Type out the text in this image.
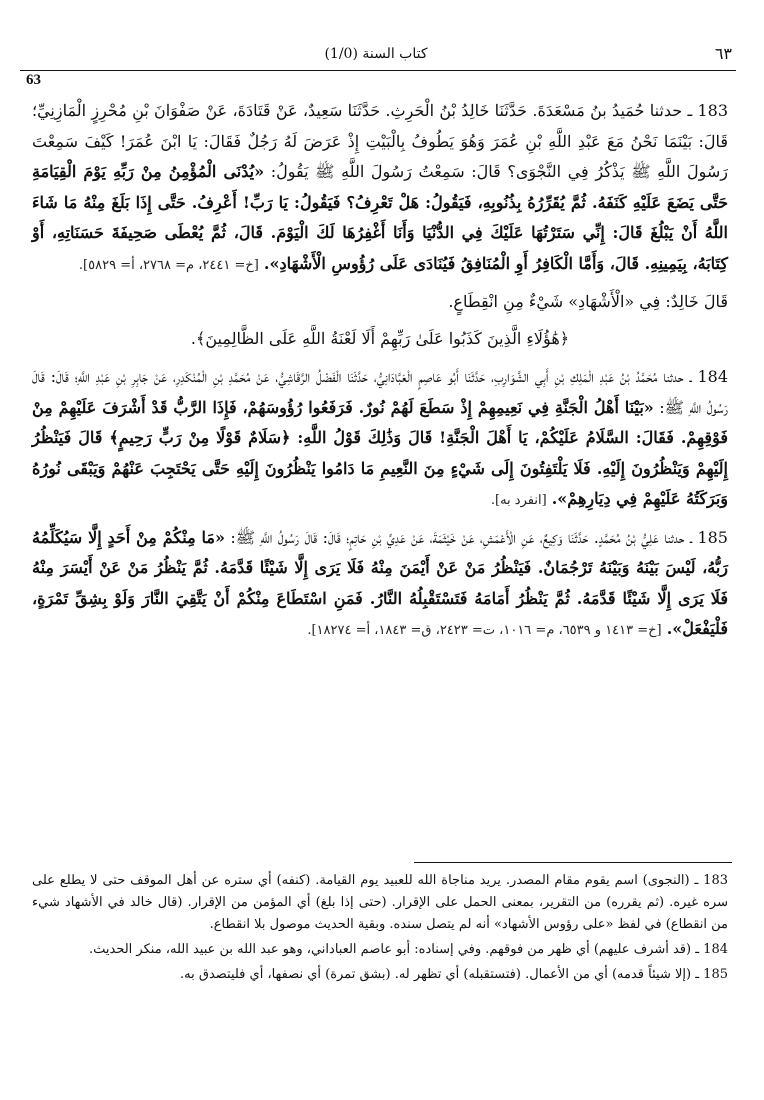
٦٣
(1/0) كتاب السنة
63

183 ـ حدثنا حُمَيدُ بنُ مَسْعَدَةَ. حَدَّثَنَا خَالِدُ بْنُ الْحَرِثِ. حَدَّثَنَا سَعِيدٌ، عَنْ قَتَادَةَ، عَنْ صَفْوَانَ بْنِ مُحْرِزٍ الْمَازِنِيِّ؛ قَالَ: بَيْنَمَا نَحْنُ مَعَ عَبْدِ اللَّهِ بْنِ عُمَرَ وَهُوَ يَطُوفُ بِالْبَيْتِ إِذْ عَرَضَ لَهُ رَجُلٌ فَقَالَ: يَا ابْنَ عُمَرَ! كَيْفَ سَمِعْتَ رَسُولَ اللَّهِ ﷺ يَذْكُرُ فِي النَّجْوَى؟ قَالَ: سَمِعْتُ رَسُولَ اللَّهِ ﷺ يَقُولُ: «يُدْنَى الْمُؤْمِنُ مِنْ رَبِّهِ يَوْمَ الْقِيَامَةِ حَتَّى يَضَعَ عَلَيْهِ كَنَفَهُ. ثُمَّ يُقَرِّرُهُ بِذُنُوبِهِ، فَيَقُولُ: هَلْ تَعْرِفُ؟ فَيَقُولُ: يَا رَبِّ! أَعْرِفُ. حَتَّى إِذَا بَلَغَ مِنْهُ مَا شَاءَ اللَّهُ أَنْ يَبْلُغَ قَالَ: إِنِّي سَتَرْتُهَا عَلَيْكَ فِي الدُّنْيَا وَأَنَا أَغْفِرُهَا لَكَ الْيَوْمَ. قَالَ، ثُمَّ يُعْطَى صَحِيفَةَ حَسَنَاتِهِ، أَوْ كِتَابَهُ، بِيَمِينِهِ. قَالَ، وَأَمَّا الْكَافِرُ أَوِ الْمُنَافِقُ فَيُنَادَى عَلَى رُؤُوسِ الْأَشْهَادِ». [خ= ٢٤٤١، م= ٢٧٦٨، أ= ٥٨٢٩].

قَالَ خَالِدٌ: فِي «الْأَشْهَادِ» شَيْءٌ مِنِ انْقِطَاعٍ.

﴿هَٰؤُلَاءِ الَّذِينَ كَذَبُوا عَلَىٰ رَبِّهِمْ أَلَا لَعْنَةُ اللَّهِ عَلَى الظَّالِمِينَ﴾.

184 ـ حدثنا مُحَمَّدُ بْنُ عَبْدِ الْمَلِكِ بْنِ أَبِي الشَّوَارِبِ، حَدَّثَنَا أَبُو عَاصِمٍ الْعَبَّادَانِيُّ، حَدَّثَنَا الْفَضْلُ الرَّقَاشِيُّ، عَنْ مُحَمَّدِ بْنِ الْمُنْكَدِرِ، عَنْ جَابِرِ بْنِ عَبْدِ اللَّهِ؛ قَالَ: قَالَ رَسُولُ اللَّهِ ﷺ: «بَيْنَا أَهْلُ الْجَنَّةِ فِي نَعِيمِهِمْ إِذْ سَطَعَ لَهُمْ نُورٌ. فَرَفَعُوا رُؤُوسَهُمْ، فَإِذَا الرَّبُّ قَدْ أَشْرَفَ عَلَيْهِمْ مِنْ فَوْقِهِمْ. فَقَالَ: السَّلَامُ عَلَيْكُمْ، يَا أَهْلَ الْجَنَّةِ! قَالَ وَذَٰلِكَ قَوْلُ اللَّهِ: ﴿سَلَامٌ قَوْلًا مِنْ رَبٍّ رَحِيمٍ﴾ قَالَ فَيَنْظُرُ إِلَيْهِمْ وَيَنْظُرُونَ إِلَيْهِ. فَلَا يَلْتَفِتُونَ إِلَى شَيْءٍ مِنَ النَّعِيمِ مَا دَامُوا يَنْظُرُونَ إِلَيْهِ حَتَّى يَحْتَجِبَ عَنْهُمْ وَيَبْقَى نُورُهُ وَبَرَكَتُهُ عَلَيْهِمْ فِي دِيَارِهِمْ». [انفرد به].

185 ـ حدثنا عَلِيُّ بْنُ مُحَمَّدٍ. حَدَّثَنَا وَكِيعٌ، عَنِ الْأَعْمَشِ، عَنْ خَيْثَمَةَ، عَنْ عَدِيِّ بْنِ حَاتِمٍ؛ قَالَ: قَالَ رَسُولُ اللَّهِ ﷺ: «مَا مِنْكُمْ مِنْ أَحَدٍ إِلَّا سَيُكَلِّمُهُ رَبُّهُ، لَيْسَ بَيْنَهُ وَبَيْنَهُ تَرْجُمَانٌ. فَيَنْظُرُ مَنْ عَنْ أَيْمَنَ مِنْهُ فَلَا يَرَى إِلَّا شَيْئًا قَدَّمَهُ. ثُمَّ يَنْظُرُ مَنْ عَنْ أَيْسَرَ مِنْهُ فَلَا يَرَى إِلَّا شَيْئًا قَدَّمَهُ. ثُمَّ يَنْظُرُ أَمَامَهُ فَتَسْتَقْبِلُهُ النَّارُ. فَمَنِ اسْتَطَاعَ مِنْكُمْ أَنْ يَتَّقِيَ النَّارَ وَلَوْ بِشِقِّ تَمْرَةٍ، فَلْيَفْعَلْ». [خ= ١٤١٣ و ٦٥٣٩، م= ١٠١٦، ت= ٢٤٢٣، ق= ١٨٤٣، أ= ١٨٢٧٤].

183 ـ (النجوى) اسم يقوم مقام المصدر. يريد مناجاة الله للعبيد يوم القيامة. (كنفه) أي ستره عن أهل الموقف حتى لا يطلع على سره غيره. (ثم يقرره) من التقرير، بمعنى الحمل على الإقرار. (حتى إذا بلغ) أي المؤمن من الإقرار. (قال خالد في الأشهاد شيء من انقطاع) في لفظ «على رؤوس الأشهاد» أنه لم يتصل سنده. وبقية الحديث موصول بلا انقطاع.

184 ـ (قد أشرف عليهم) أي ظهر من فوقهم. وفي إسناده: أبو عاصم العباداني، وهو عبد الله بن عبيد الله، منكر الحديث.

185 ـ (إلا شيئاً قدمه) أي من الأعمال. (فتستقبله) أي تظهر له. (بشق تمرة) أي نصفها، أي فليتصدق به.
